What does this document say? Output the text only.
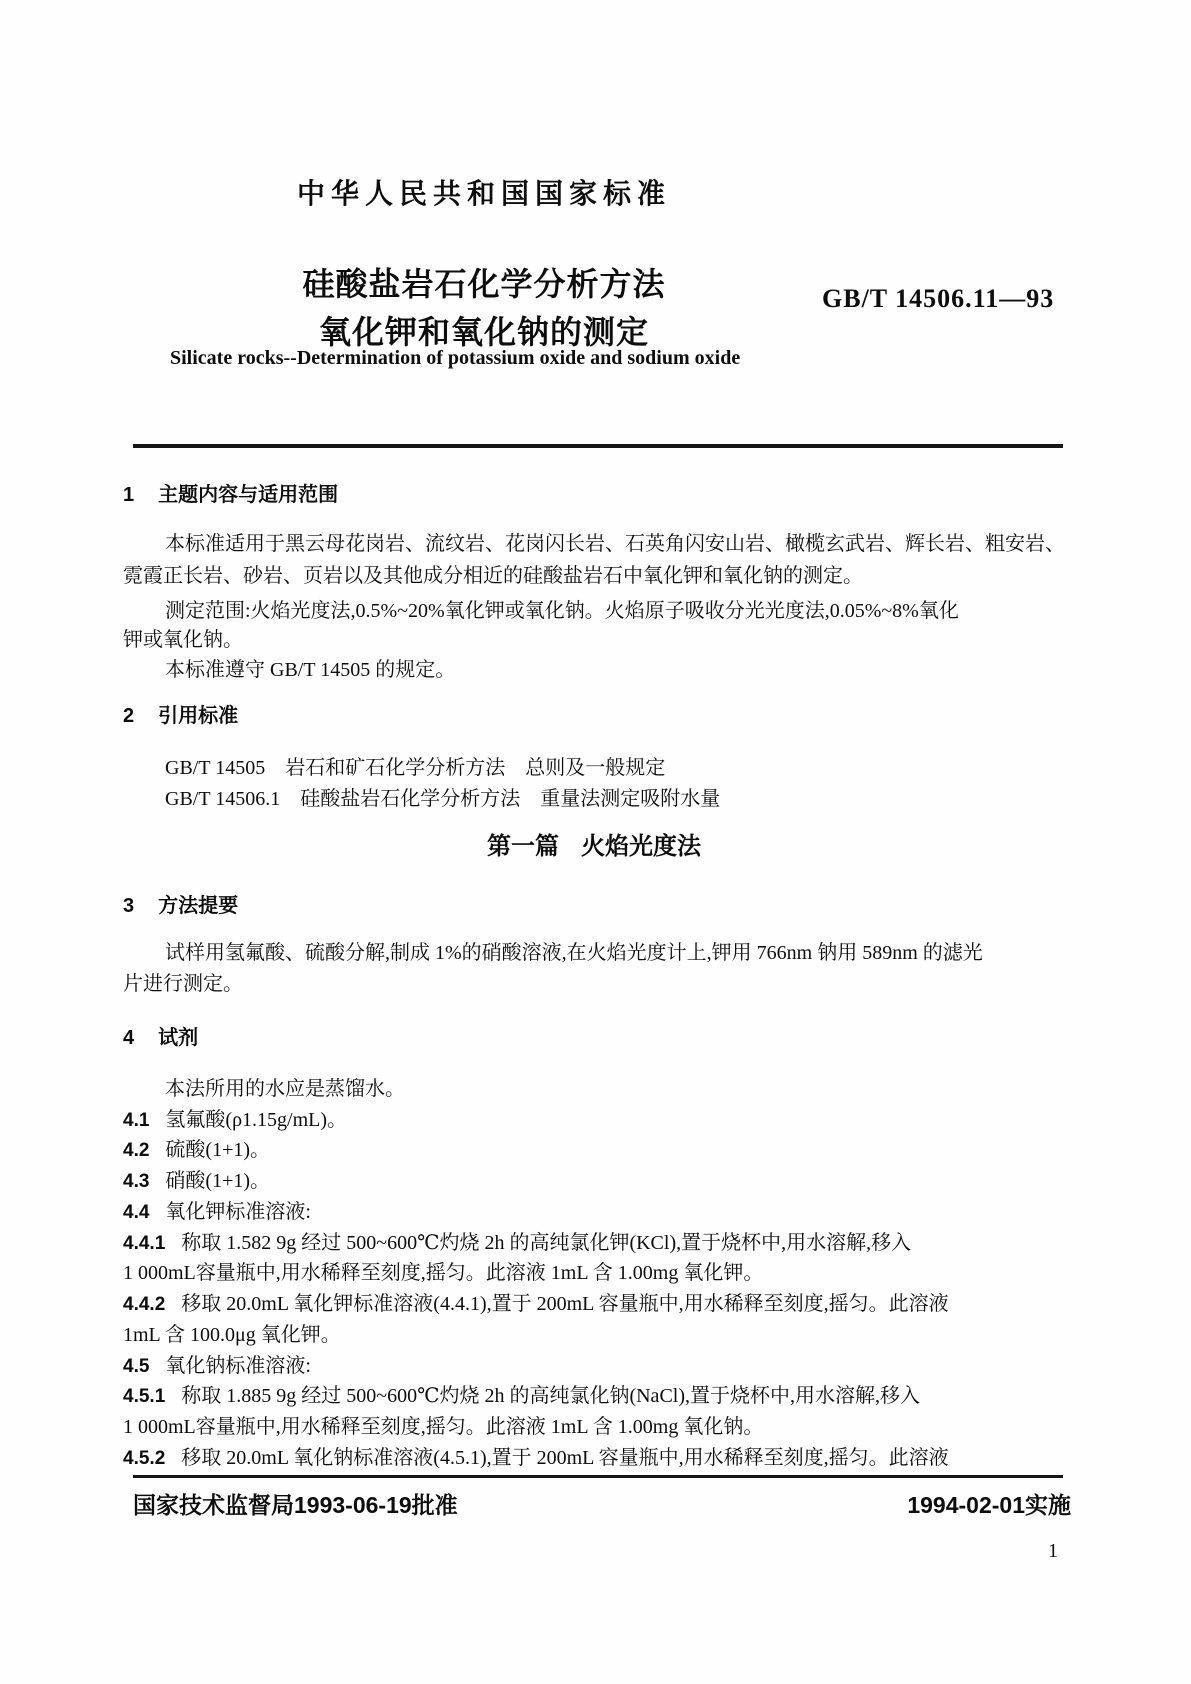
中华人民共和国国家标准
硅酸盐岩石化学分析方法
氧化钾和氧化钠的测定
GB/T 14506.11—93
Silicate rocks--Determination of potassium oxide and sodium oxide
1 主题内容与适用范围
本标准适用于黑云母花岗岩、流纹岩、花岗闪长岩、石英角闪安山岩、橄榄玄武岩、辉长岩、粗安岩、
霓霞正长岩、砂岩、页岩以及其他成分相近的硅酸盐岩石中氧化钾和氧化钠的测定。
测定范围:火焰光度法,0.5%~20%氧化钾或氧化钠。火焰原子吸收分光光度法,0.05%~8%氧化
钾或氧化钠。
本标准遵守 GB/T 14505 的规定。
2 引用标准
GB/T 14505　岩石和矿石化学分析方法　总则及一般规定
GB/T 14506.1　硅酸盐岩石化学分析方法　重量法测定吸附水量
第一篇 火焰光度法
3 方法提要
试样用氢氟酸、硫酸分解,制成 1%的硝酸溶液,在火焰光度计上,钾用 766nm 钠用 589nm 的滤光
片进行测定。
4 试剂
本法所用的水应是蒸馏水。
4.1 氢氟酸(ρ1.15g/mL)。
4.2 硫酸(1+1)。
4.3 硝酸(1+1)。
4.4 氧化钾标准溶液:
4.4.1 称取 1.582 9g 经过 500~600℃灼烧 2h 的高纯氯化钾(KCl),置于烧杯中,用水溶解,移入
1 000mL容量瓶中,用水稀释至刻度,摇匀。此溶液 1mL 含 1.00mg 氧化钾。
4.4.2 移取 20.0mL 氧化钾标准溶液(4.4.1),置于 200mL 容量瓶中,用水稀释至刻度,摇匀。此溶液
1mL 含 100.0μg 氧化钾。
4.5 氧化钠标准溶液:
4.5.1 称取 1.885 9g 经过 500~600℃灼烧 2h 的高纯氯化钠(NaCl),置于烧杯中,用水溶解,移入
1 000mL容量瓶中,用水稀释至刻度,摇匀。此溶液 1mL 含 1.00mg 氧化钠。
4.5.2 移取 20.0mL 氧化钠标准溶液(4.5.1),置于 200mL 容量瓶中,用水稀释至刻度,摇匀。此溶液
国家技术监督局1993-06-19批准	1994-02-01实施
1
